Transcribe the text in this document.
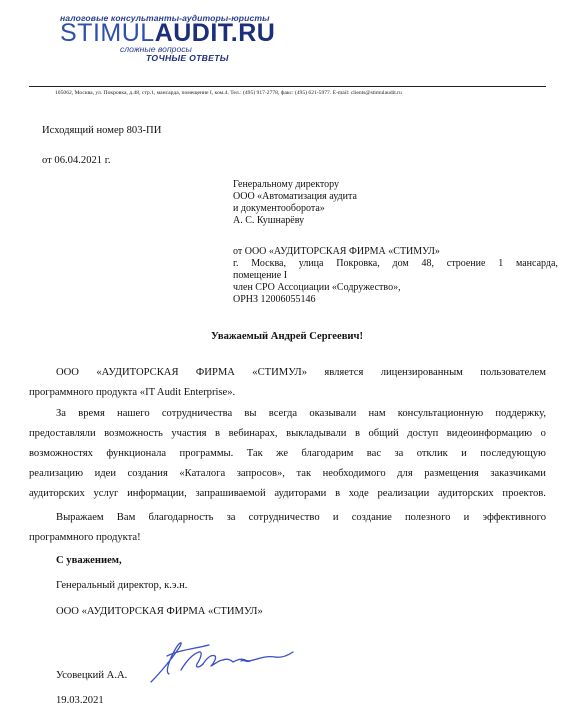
налоговые консультанты-аудиторы-юристы
STIMULAUDIT.RU
сложные вопросы
ТОЧНЫЕ ОТВЕТЫ
105062, Москва, ул. Покровка, д.48, стр.1, мансарда, помещение I, ком.4. Тел.: (495) 917-2778, факс: (495) 621-5977. E-mail: clients@stimulaudit.ru
Исходящий номер 803-ПИ
от 06.04.2021 г.
Генеральному директору
ООО «Автоматизация аудита
и документооборота»
А. С. Кушнарёву
от ООО «АУДИТОРСКАЯ ФИРМА «СТИМУЛ»
г. Москва, улица Покровка, дом 48, строение 1 мансарда,
помещение I
член СРО Ассоциации «Содружество»,
ОРНЗ 12006055146
Уважаемый Андрей Сергеевич!
ООО «АУДИТОРСКАЯ ФИРМА «СТИМУЛ» является лицензированным пользователем
программного продукта «IT Audit Enterprise».
За время нашего сотрудничества вы всегда оказывали нам консультационную поддержку,
предоставляли возможность участия в вебинарах, выкладывали в общий доступ видеоинформацию о
возможностях функционала программы. Так же благодарим вас за отклик и последующую
реализацию идеи создания «Каталога запросов», так необходимого для размещения заказчиками
аудиторских услуг информации, запрашиваемой аудиторами в ходе реализации аудиторских проектов.
Выражаем Вам благодарность за сотрудничество и создание полезного и эффективного
программного продукта!
С уважением,
Генеральный директор, к.э.н.
ООО «АУДИТОРСКАЯ ФИРМА «СТИМУЛ»
Усовецкий А.А.
19.03.2021
